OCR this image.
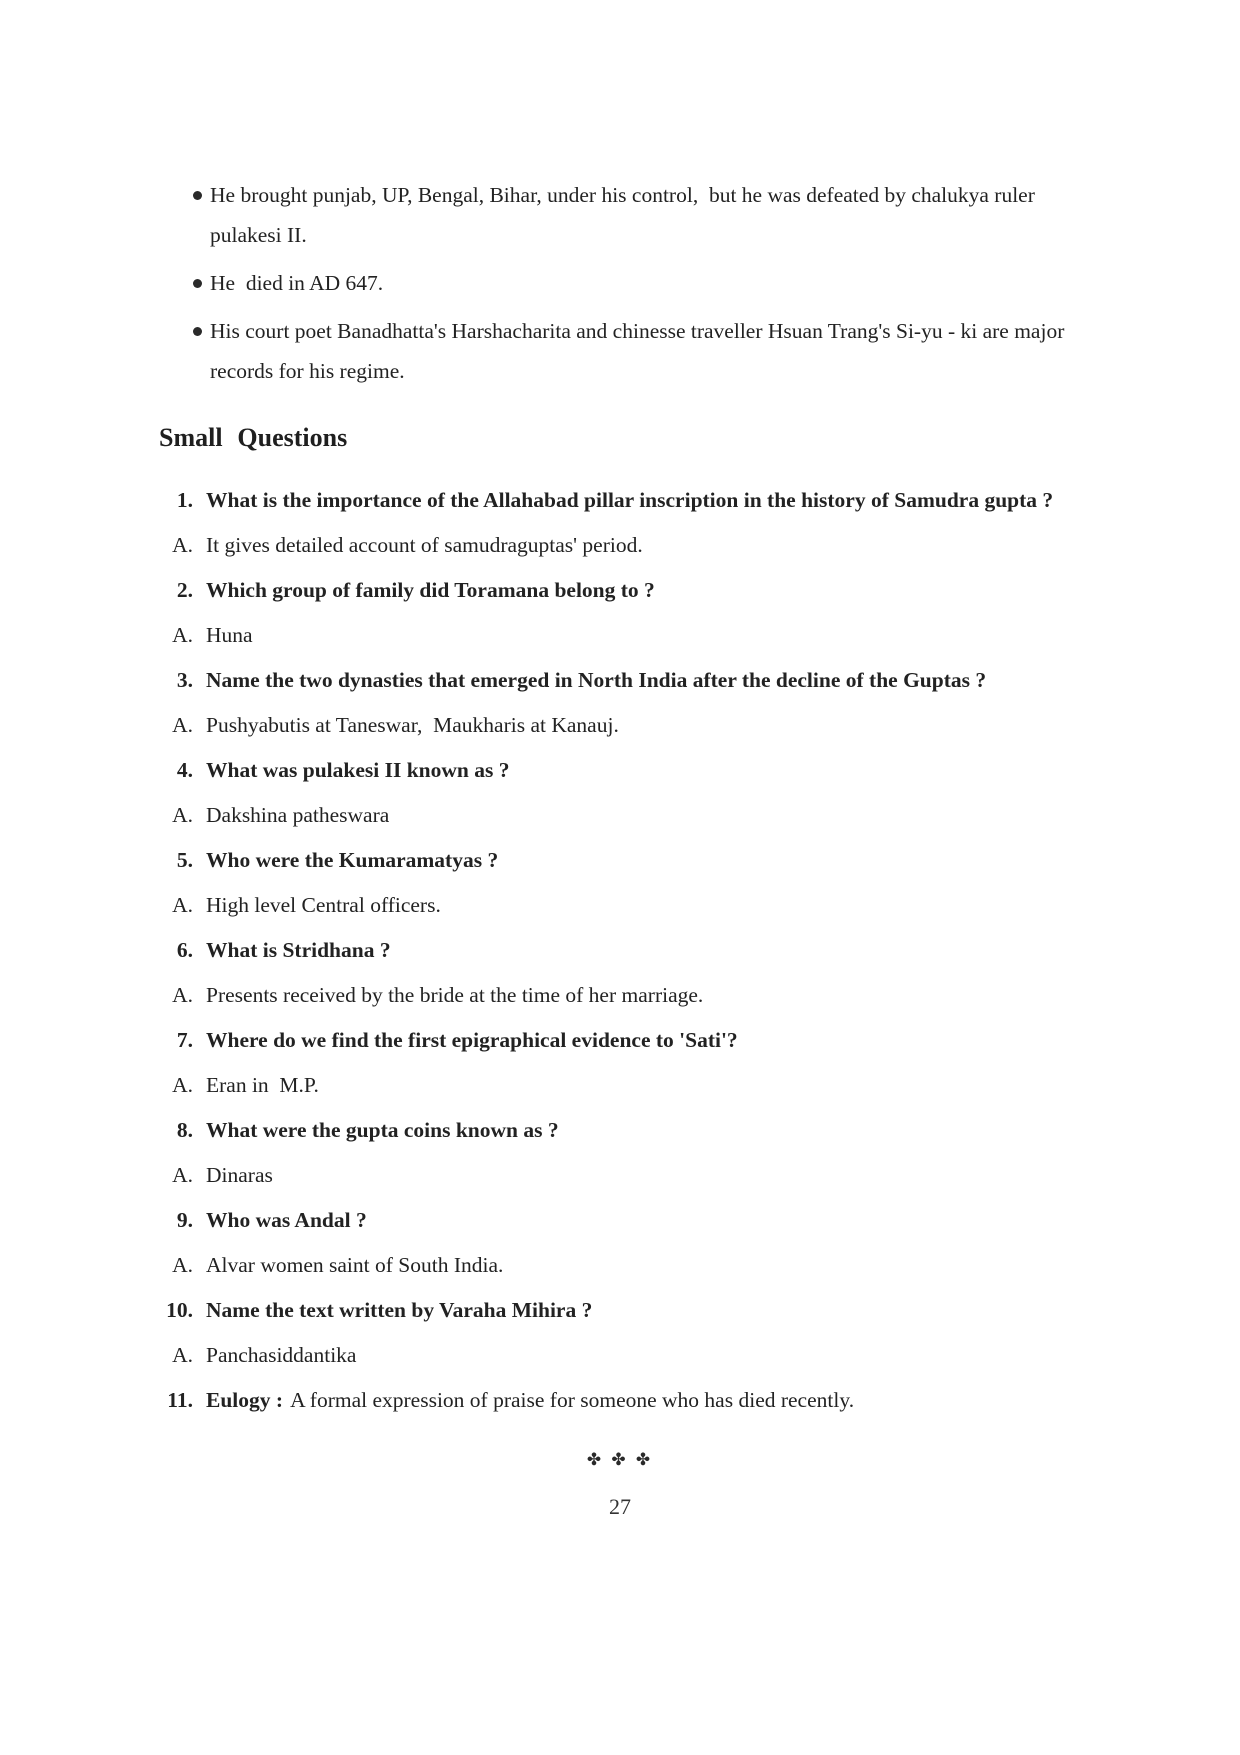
He brought punjab, UP, Bengal, Bihar, under his control,  but he was defeated by chalukya ruler pulakesi II.
He  died in AD 647.
His court poet Banadhatta's Harshacharita and chinesse traveller Hsuan Trang's Si-yu - ki are major records for his regime.
Small Questions
1. What is the importance of the Allahabad pillar inscription in the history of Samudra gupta ?
A. It gives detailed account of samudraguptas' period.
2. Which group of family did Toramana belong to ?
A. Huna
3. Name the two dynasties that emerged in North India after the decline of the Guptas ?
A. Pushyabutis at Taneswar,  Maukharis at Kanauj.
4. What was pulakesi II known as ?
A. Dakshina patheswara
5. Who were the Kumaramatyas ?
A. High level Central officers.
6. What is Stridhana ?
A. Presents received by the bride at the time of her marriage.
7. Where do we find the first epigraphical evidence to 'Sati'?
A. Eran in  M.P.
8. What were the gupta coins known as ?
A. Dinaras
9. Who was Andal ?
A. Alvar women saint of South India.
10. Name the text written by Varaha Mihira ?
A. Panchasiddantika
11. Eulogy : A formal expression of praise for someone who has died recently.
✤ ✤ ✤
27
